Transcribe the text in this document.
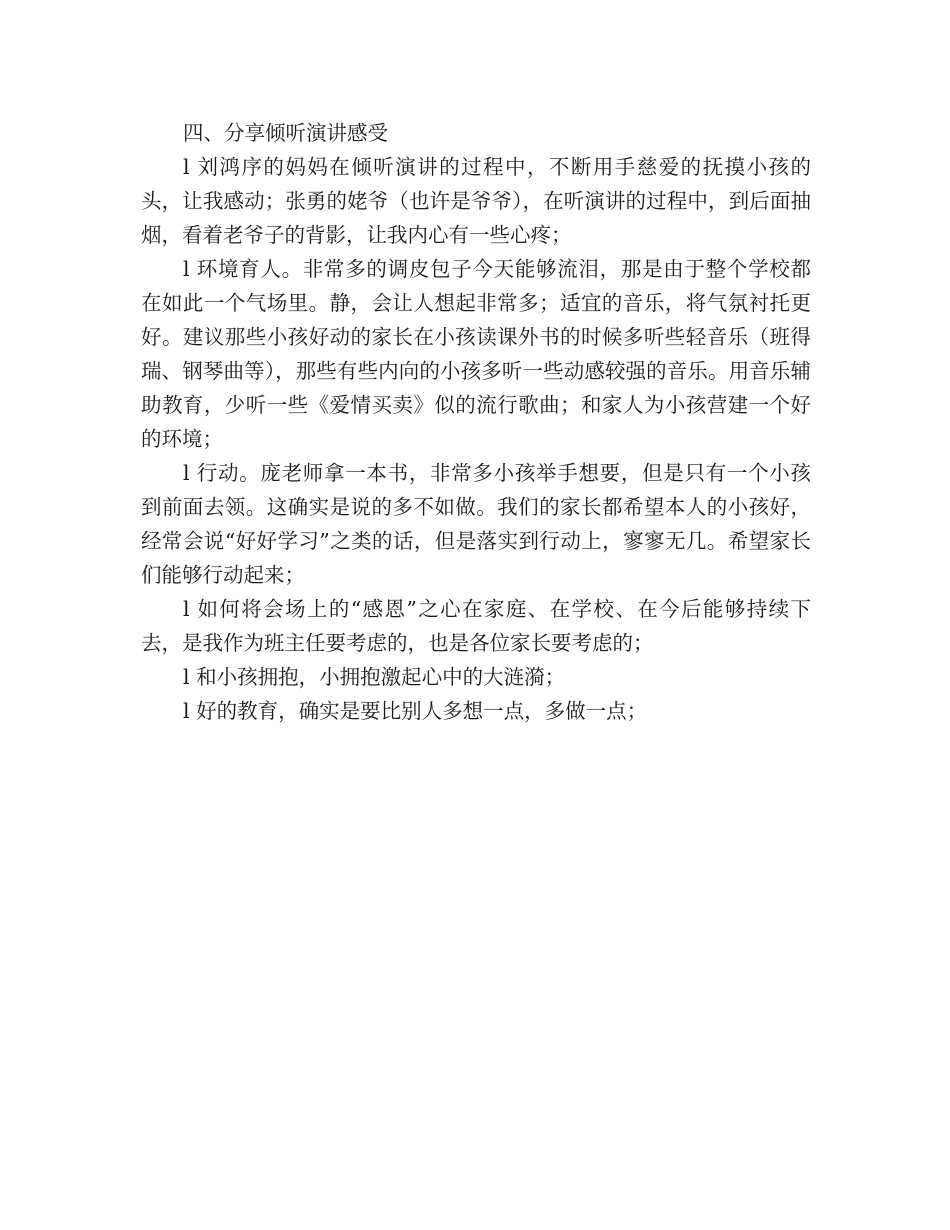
四、分享倾听演讲感受

l 刘鸿序的妈妈在倾听演讲的过程中，不断用手慈爱的抚摸小孩的头，让我感动；张勇的姥爷（也许是爷爷），在听演讲的过程中，到后面抽烟，看着老爷子的背影，让我内心有一些心疼；

l 环境育人。非常多的调皮包子今天能够流泪，那是由于整个学校都在如此一个气场里。静，会让人想起非常多；适宜的音乐，将气氛衬托更好。建议那些小孩好动的家长在小孩读课外书的时候多听些轻音乐（班得瑞、钢琴曲等），那些有些内向的小孩多听一些动感较强的音乐。用音乐辅助教育，少听一些《爱情买卖》似的流行歌曲；和家人为小孩营建一个好的环境；

l 行动。庞老师拿一本书，非常多小孩举手想要，但是只有一个小孩到前面去领。这确实是说的多不如做。我们的家长都希望本人的小孩好，经常会说“好好学习”之类的话，但是落实到行动上，寥寥无几。希望家长们能够行动起来；

l 如何将会场上的“感恩”之心在家庭、在学校、在今后能够持续下去，是我作为班主任要考虑的，也是各位家长要考虑的；

l 和小孩拥抱，小拥抱激起心中的大涟漪；

l 好的教育，确实是要比别人多想一点，多做一点；
